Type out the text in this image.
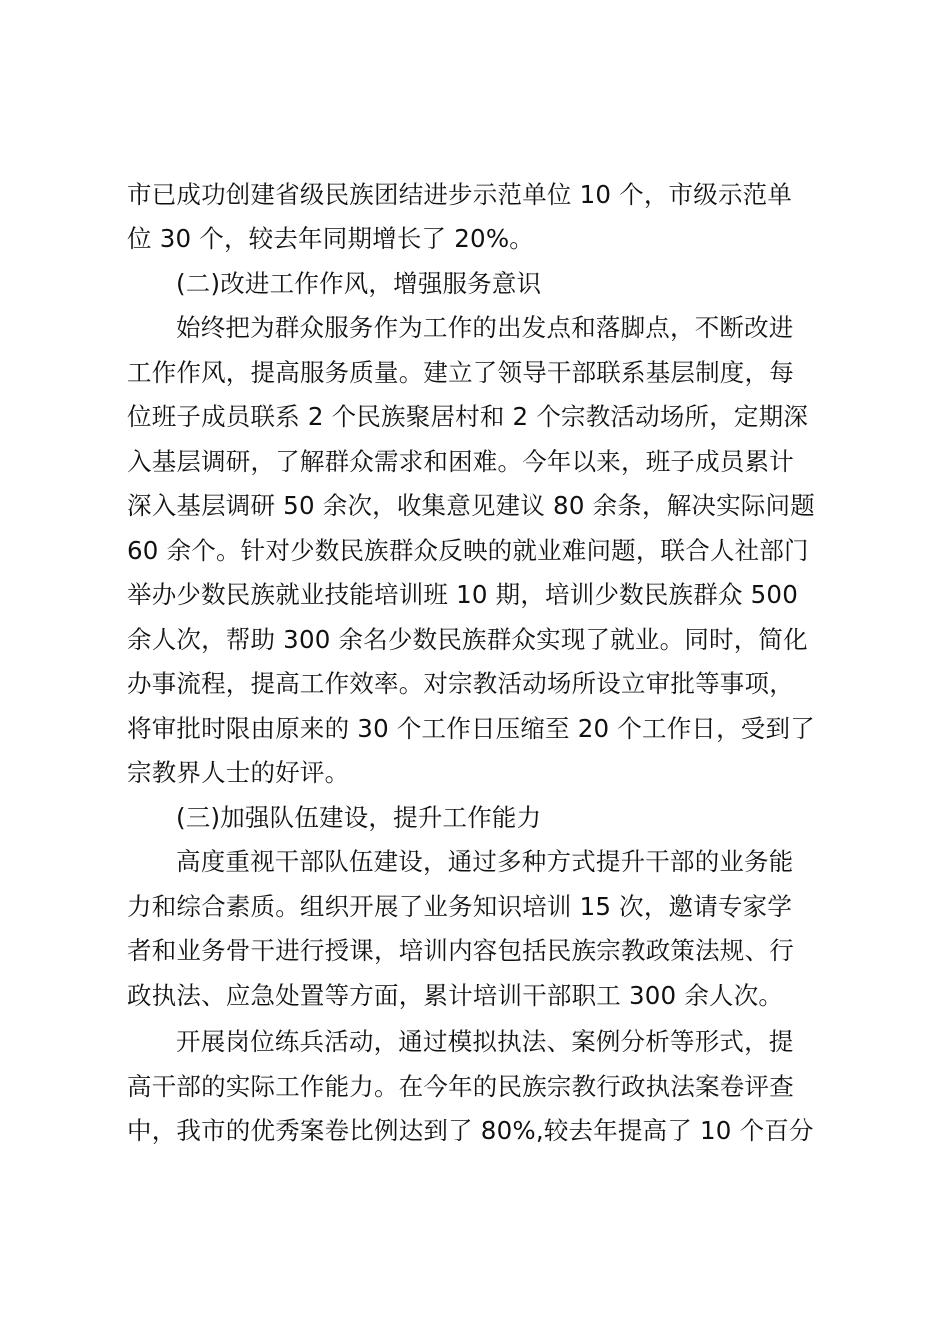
市已成功创建省级民族团结进步示范单位 10 个，市级示范单
位 30 个，较去年同期增长了 20%。
(二)改进工作作风，增强服务意识
始终把为群众服务作为工作的出发点和落脚点，不断改进
工作作风，提高服务质量。建立了领导干部联系基层制度，每
位班子成员联系 2 个民族聚居村和 2 个宗教活动场所，定期深
入基层调研，了解群众需求和困难。今年以来，班子成员累计
深入基层调研 50 余次，收集意见建议 80 余条，解决实际问题
60 余个。针对少数民族群众反映的就业难问题，联合人社部门
举办少数民族就业技能培训班 10 期，培训少数民族群众 500
余人次，帮助 300 余名少数民族群众实现了就业。同时，简化
办事流程，提高工作效率。对宗教活动场所设立审批等事项，
将审批时限由原来的 30 个工作日压缩至 20 个工作日，受到了
宗教界人士的好评。
(三)加强队伍建设，提升工作能力
高度重视干部队伍建设，通过多种方式提升干部的业务能
力和综合素质。组织开展了业务知识培训 15 次，邀请专家学
者和业务骨干进行授课，培训内容包括民族宗教政策法规、行
政执法、应急处置等方面，累计培训干部职工 300 余人次。
开展岗位练兵活动，通过模拟执法、案例分析等形式，提
高干部的实际工作能力。在今年的民族宗教行政执法案卷评查
中，我市的优秀案卷比例达到了 80%,较去年提高了 10 个百分
